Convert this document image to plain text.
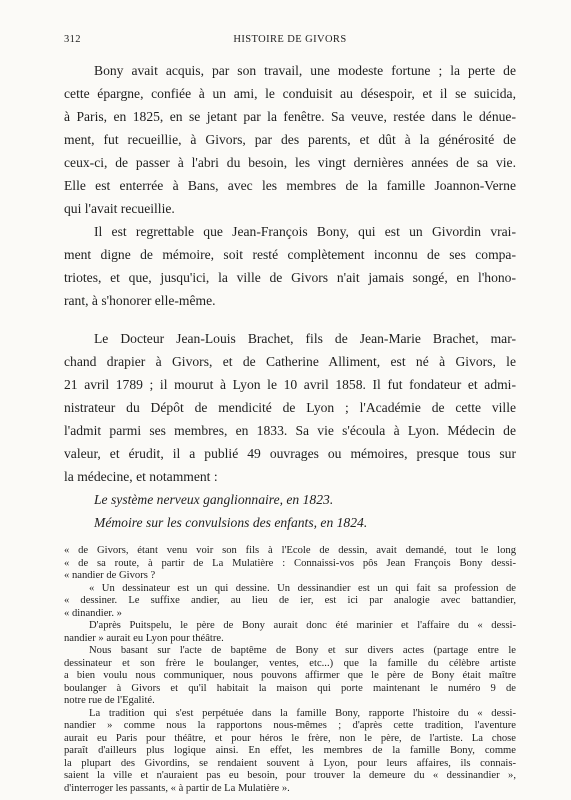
312	HISTOIRE DE GIVORS
Bony avait acquis, par son travail, une modeste fortune ; la perte de
cette épargne, confiée à un ami, le conduisit au désespoir, et il se suicida,
à Paris, en 1825, en se jetant par la fenêtre. Sa veuve, restée dans le dénue-
ment, fut recueillie, à Givors, par des parents, et dût à la générosité de
ceux-ci, de passer à l'abri du besoin, les vingt dernières années de sa vie.
Elle est enterrée à Bans, avec les membres de la famille Joannon-Verne
qui l'avait recueillie.
Il est regrettable que Jean-François Bony, qui est un Givordin vrai-
ment digne de mémoire, soit resté complètement inconnu de ses compa-
triotes, et que, jusqu'ici, la ville de Givors n'ait jamais songé, en l'hono-
rant, à s'honorer elle-même.
Le Docteur Jean-Louis Brachet, fils de Jean-Marie Brachet, mar-
chand drapier à Givors, et de Catherine Alliment, est né à Givors, le
21 avril 1789 ; il mourut à Lyon le 10 avril 1858. Il fut fondateur et admi-
nistrateur du Dépôt de mendicité de Lyon ; l'Académie de cette ville
l'admit parmi ses membres, en 1833. Sa vie s'écoula à Lyon. Médecin de
valeur, et érudit, il a publié 49 ouvrages ou mémoires, presque tous sur
la médecine, et notamment :
Le système nerveux ganglionnaire, en 1823.
Mémoire sur les convulsions des enfants, en 1824.
« de Givors, étant venu voir son fils à l'Ecole de dessin, avait demandé, tout le long
« de sa route, à partir de La Mulatière : Connaissi-vos pôs Jean François Bony dessi-
« nandier de Givors ?
« Un dessinateur est un qui dessine. Un dessinandier est un qui fait sa profession de
« dessiner. Le suffixe andier, au lieu de ier, est ici par analogie avec battandier,
« dinandier. »
D'après Puitspelu, le père de Bony aurait donc été marinier et l'affaire du « dessi-
nandier » aurait eu Lyon pour théâtre.
Nous basant sur l'acte de baptême de Bony et sur divers actes (partage entre le
dessinateur et son frère le boulanger, ventes, etc...) que la famille du célèbre artiste
a bien voulu nous communiquer, nous pouvons affirmer que le père de Bony était maître
boulanger à Givors et qu'il habitait la maison qui porte maintenant le numéro 9 de
notre rue de l'Egalité.
La tradition qui s'est perpétuée dans la famille Bony, rapporte l'histoire du « dessi-
nandier » comme nous la rapportons nous-mêmes ; d'après cette tradition, l'aventure
aurait eu Paris pour théâtre, et pour héros le frère, non le père, de l'artiste. La chose
paraît d'ailleurs plus logique ainsi. En effet, les membres de la famille Bony, comme
la plupart des Givordins, se rendaient souvent à Lyon, pour leurs affaires, ils connais-
saient la ville et n'auraient pas eu besoin, pour trouver la demeure du « dessinandier »,
d'interroger les passants, « à partir de La Mulatière ».
